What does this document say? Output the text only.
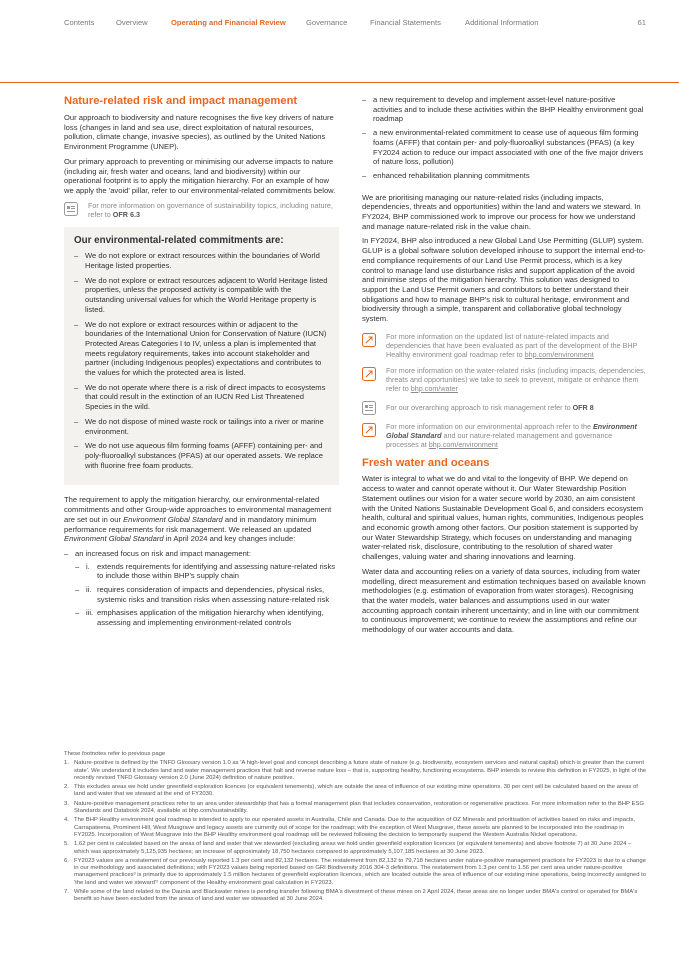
Contents	Overview	Operating and Financial Review	Governance	Financial Statements	Additional Information	61
Nature-related risk and impact management

Our approach to biodiversity and nature recognises the five key drivers of nature loss (changes in land and sea use, direct exploitation of natural resources, pollution, climate change, invasive species), as outlined by the United Nations Environment Programme (UNEP).

Our primary approach to preventing or minimising our adverse impacts to nature (including air, fresh water and oceans, land and biodiversity) within our operational footprint is to apply the mitigation hierarchy. For an example of how we apply the 'avoid' pillar, refer to our environmental-related commitments below.

For more information on governance of sustainability topics, including nature, refer to OFR 6.3
Our environmental-related commitments are:
– We do not explore or extract resources within the boundaries of World Heritage listed properties.
– We do not explore or extract resources adjacent to World Heritage listed properties, unless the proposed activity is compatible with the outstanding universal values for which the World Heritage property is listed.
– We do not explore or extract resources within or adjacent to the boundaries of the International Union for Conservation of Nature (IUCN) Protected Areas Categories I to IV, unless a plan is implemented that meets regulatory requirements, takes into account stakeholder and partner (including Indigenous peoples) expectations and contributes to the values for which the protected area is listed.
– We do not operate where there is a risk of direct impacts to ecosystems that could result in the extinction of an IUCN Red List Threatened Species in the wild.
– We do not dispose of mined waste rock or tailings into a river or marine environment.
– We do not use aqueous film forming foams (AFFF) containing per- and poly-fluoroalkyl substances (PFAS) at our operated assets. We replace with fluorine free foam products.

The requirement to apply the mitigation hierarchy, our environmental-related commitments and other Group-wide approaches to environmental management are set out in our Environment Global Standard and in mandatory minimum performance requirements for risk management. We released an updated Environment Global Standard in April 2024 and key changes include:

– an increased focus on risk and impact management:
– i. extends requirements for identifying and assessing nature-related risks to include those within BHP's supply chain
– ii. requires consideration of impacts and dependencies, physical risks, systemic risks and transition risks when assessing nature-related risk
– iii. emphasises application of the mitigation hierarchy when identifying, assessing and implementing environment-related controls
– a new requirement to develop and implement asset-level nature-positive activities and to include these activities within the BHP Healthy environment goal roadmap
– a new environmental-related commitment to cease use of aqueous film forming foams (AFFF) that contain per- and poly-fluoroalkyl substances (PFAS) (a key FY2024 action to reduce our impact associated with one of the five major drivers of nature loss, pollution)
– enhanced rehabilitation planning commitments

We are prioritising managing our nature-related risks (including impacts, dependencies, threats and opportunities) within the land and waters we steward. In FY2024, BHP commissioned work to improve our process for how we understand and manage nature-related risk in the value chain.

In FY2024, BHP also introduced a new Global Land Use Permitting (GLUP) system. GLUP is a global software solution developed inhouse to support the internal end-to-end compliance requirements of our Land Use Permit process, which is a key control to manage land use disturbance risks and support application of the avoid and minimise steps of the mitigation hierarchy. This solution was designed to support the Land Use Permit owners and contributors to better understand their obligations and how to manage BHP's risk to cultural heritage, environment and biodiversity through a simple, transparent and collaborative global technology system.

For more information on the updated list of nature-related impacts and dependencies that have been evaluated as part of the development of the BHP Healthy environment goal roadmap refer to bhp.com/environment
For more information on the water-related risks (including impacts, dependencies, threats and opportunities) we take to seek to prevent, mitigate or enhance them refer to bhp.com/water
For our overarching approach to risk management refer to OFR 8
For more information on our environmental approach refer to the Environment Global Standard and our nature-related management and governance processes at bhp.com/environment
Fresh water and oceans

Water is integral to what we do and vital to the longevity of BHP. We depend on access to water and cannot operate without it. Our Water Stewardship Position Statement outlines our vision for a water secure world by 2030, an aim consistent with the United Nations Sustainable Development Goal 6, and considers ecosystem health, cultural and spiritual values, human rights, communities, Indigenous peoples and economic growth among other factors. Our position statement is supported by our Water Stewardship Strategy, which focuses on understanding and managing water-related risk, disclosure, contributing to the resolution of shared water challenges, valuing water and sharing innovations and learning.

Water data and accounting relies on a variety of data sources, including from water modelling, direct measurement and estimation techniques based on available known methodologies (e.g. estimation of evaporation from water storages). Recognising that the water models, water balances and assumptions used in our water accounting approach contain inherent uncertainty; and in line with our commitment to continuous improvement; we continue to review the assumptions and refine our methodology of our water accounts and data.

These footnotes refer to previous page
1. Nature-positive is defined by the TNFD Glossary version 1.0 as 'A high-level goal and concept describing a future state of nature (e.g. biodiversity, ecosystem services and natural capital) which is greater than the current state'. We understand it includes land and water management practices that halt and reverse nature loss – that is, supporting healthy, functioning ecosystems. BHP intends to review this definition in FY2025, in light of the recently revised TNFD Glossary version 2.0 (June 2024) definition of nature positive.
2. This excludes areas we hold under greenfield exploration licences (or equivalent tenements), which are outside the area of influence of our existing mine operations. 30 per cent will be calculated based on the areas of land and water that we steward at the end of FY2030.
3. Nature-positive management practices refer to an area under stewardship that has a formal management plan that includes conservation, restoration or regenerative practices. For more information refer to the BHP ESG Standards and Databook 2024, available at bhp.com/sustainability.
4. The BHP Healthy environment goal roadmap is intended to apply to our operated assets in Australia, Chile and Canada. Due to the acquisition of OZ Minerals and prioritisation of activities based on risks and impacts, Carrapateena, Prominent Hill, West Musgrave and legacy assets are currently out of scope for the roadmap; with the exception of West Musgrave, these assets are planned to be incorporated into the roadmap in FY2025. Incorporation of West Musgrave into the BHP Healthy environment goal roadmap will be reviewed following the decision to temporarily suspend the Western Australia Nickel operations.
5. 1.62 per cent is calculated based on the areas of land and water that we stewarded (excluding areas we hold under greenfield exploration licences (or equivalent tenements) and above footnote 7) at 30 June 2024 – which was approximately 5,125,935 hectares; an increase of approximately 18,750 hectares compared to approximately 5,107,185 hectares at 30 June 2023.
6. FY2023 values are a restatement of our previously reported 1.3 per cent and 82,132 hectares. The restatement from 82,132 to 79,718 hectares under nature-positive management practices for FY2023 is due to a change in our methodology and associated definitions; with FY2023 values being reported based on GRI Biodiversity 2016 304-3 definitions. The restatement from 1.3 per cent to 1.56 per cent area under nature-positive management practices³ is primarily due to approximately 1.5 million hectares of greenfield exploration licences, which are located outside the area of influence of our existing mine operations, being incorrectly assigned to 'the land and water we steward'² component of the Healthy environment goal calculation in FY2023.
7. While some of the land related to the Daunia and Blackwater mines is pending transfer following BMA's divestment of these mines on 2 April 2024, these areas are no longer under BMA's control or operated for BMA's benefit so have been excluded from the areas of land and water we stewarded at 30 June 2024.
